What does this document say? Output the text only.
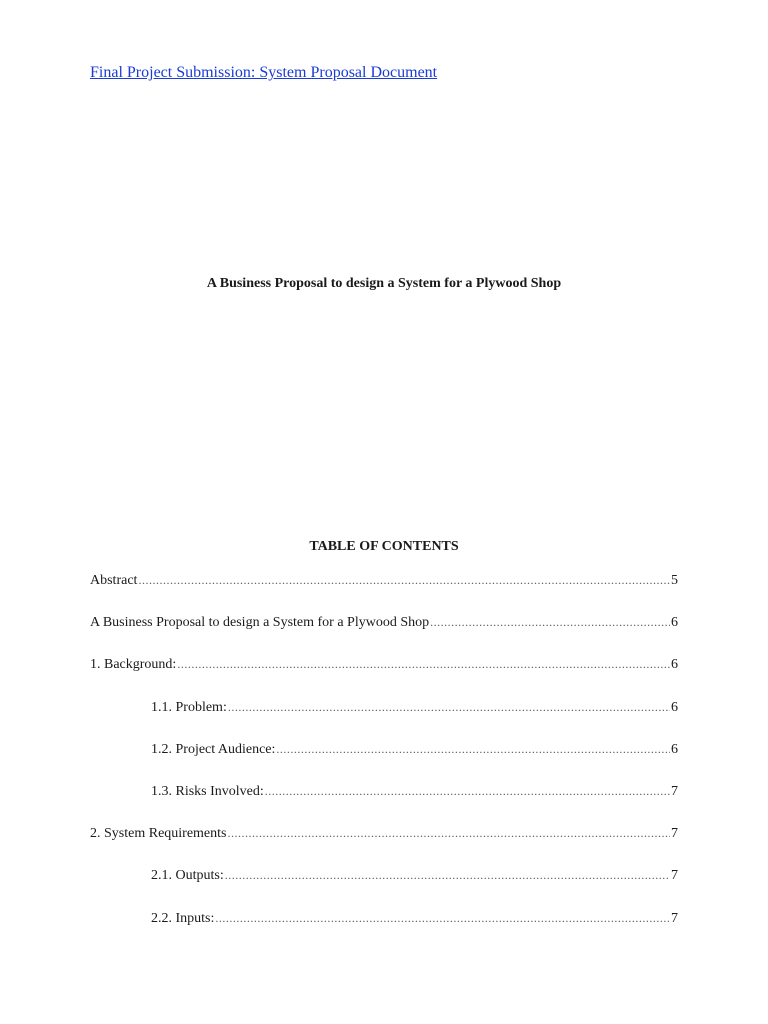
Final Project Submission: System Proposal Document
A Business Proposal to design a System for a Plywood Shop
TABLE OF CONTENTS
Abstract .....	5
A Business Proposal to design a System for a Plywood Shop .....	6
1. Background: .....	6
1.1. Problem: .....	6
1.2. Project Audience: .....	6
1.3. Risks Involved: .....	7
2. System Requirements .....	7
2.1. Outputs: .....	7
2.2. Inputs: .....	7
